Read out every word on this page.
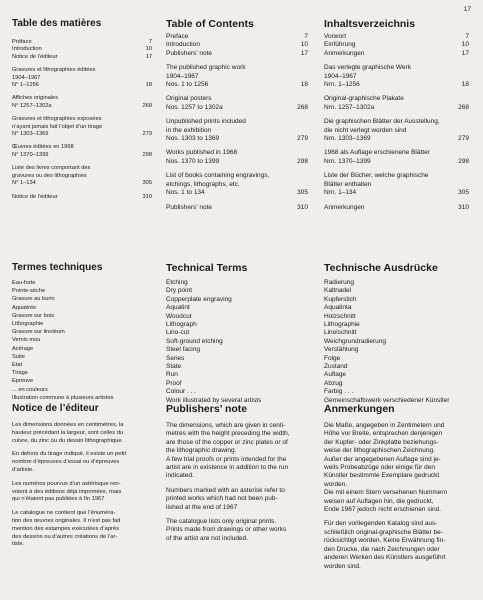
17
Table des matières
Préface	7
Introduction	10
Notice de l’éditeur	17
Gravures et lithographies éditées
1904–1967
N° 1–1256	18
Affiches originales
N° 1257–1302a	268
Gravures et lithographies exposées
n’ayant jamais fait l’objet d’un tirage
N° 1303–1369	279
Œuvres éditées en 1968
N° 1370–1399	298
Liste des livres comportant des
gravures ou des lithographies
N° 1–134	305
Notice de l’éditeur	310
Termes techniques
Eau-forte
Pointe-sèche
Gravure au burin
Aquatinte
Gravure sur bois
Lithographie
Gravure sur linoléum
Vernis mou
Acérage
Suite
Etat
Tirage
Epreuve
... en couleurs
Illustration commune à plusieurs artistes
Notice de l’éditeur

Les dimensions données en centimètres, la
hauteur précédant la largeur, sont celles du
cuivre, du zinc ou du dessin lithographique.

En dehors du tirage indiqué, il existe un petit
nombre d’épreuves d’essai ou d’épreuves
d’artiste.

Les numéros pourvus d’un astérisque ren-
voient à des éditions déjà imprimées, mais
qui n’étaient pas publiées à fin 1967

Le catalogue ne contient que l’énuméra-
tion des œuvres originales. Il n’est pas fait
mention des estampes exécutées d’après
des dessins ou d’autres créations de l’ar-
tiste.

Table of Contents
Preface	7
Introduction	10
Publishers’ note	17
The published graphic work
1904–1967
Nos. 1 to 1256	18
Original posters
Nos. 1257 to 1302a	268
Unpublished prints included
in the exhibition
Nos. 1303 to 1369	279
Works published in 1968
Nos. 1370 to 1399	298
List of books containing engravings,
etchings, lithographs, etc.
Nos. 1 to 134	305
Publishers’ note	310
Technical Terms
Etching
Dry point
Copperplate engraving
Aquatint
Woodcut
Lithograph
Lino-cut
Soft-ground etching
Steel facing
Series
State
Run
Proof
Colour . . .
Work illustrated by several artists
Publishers’ note

The dimensions, which are given in centi-
metres with the height preceding the width,
are those of the copper or zinc plates or of
the lithographic drawing.
A few trial proofs or prints intended for the
artist are in existence in addition to the run
indicated.

Numbers marked with an asterisk refer to
printed works which had not been pub-
lished at the end of 1967

The catalogue lists only original prints.
Prints made from drawings or other works
of the artist are not included.

Inhaltsverzeichnis
Vorwort	7
Einführung	10
Anmerkungen	17
Das verlegte graphische Werk
1904–1967
Nrn. 1–1256	18
Original-graphische Plakate
Nrn. 1257–1302a	268
Die graphischen Blätter der Ausstellung,
die nicht verlegt worden sind
Nrn. 1303–1369	279
1968 als Auflage erschienene Blätter
Nrn. 1370–1399	298
Liste der Bücher, welche graphische
Blätter enthalten
Nrn. 1–134	305
Anmerkungen	310
Technische Ausdrücke
Radierung
Kaltnadel
Kupferstich
Aquatinta
Holzschnitt
Lithographie
Linolschnitt
Weichgrundradierung
Verstählung
Folge
Zustand
Auflage
Abzug
Farbig . . .
Gemeinschaftswerk verschiedener Künstler
Anmerkungen

Die Maße, angegeben in Zentimetern und
Höhe vor Breite, entsprechen denjenigen
der Kupfer- oder Zinkplatte beziehungs-
weise der lithographischen Zeichnung.
Außer der angegebenen Auflage sind je-
weils Probeabzüge oder einige für den
Künstler bestimmte Exemplare gedruckt
worden.
Die mit einem Stern versehenen Nummern
weisen auf Auflagen hin, die gedruckt,
Ende 1967 jedoch nicht erschienen sind.

Für den vorliegenden Katalog sind aus-
schließlich original-graphische Blätter be-
rücksichtigt worden. Keine Erwähnung fin-
den Drucke, die nach Zeichnungen oder
anderen Werken des Künstlers ausgeführt
worden sind.
